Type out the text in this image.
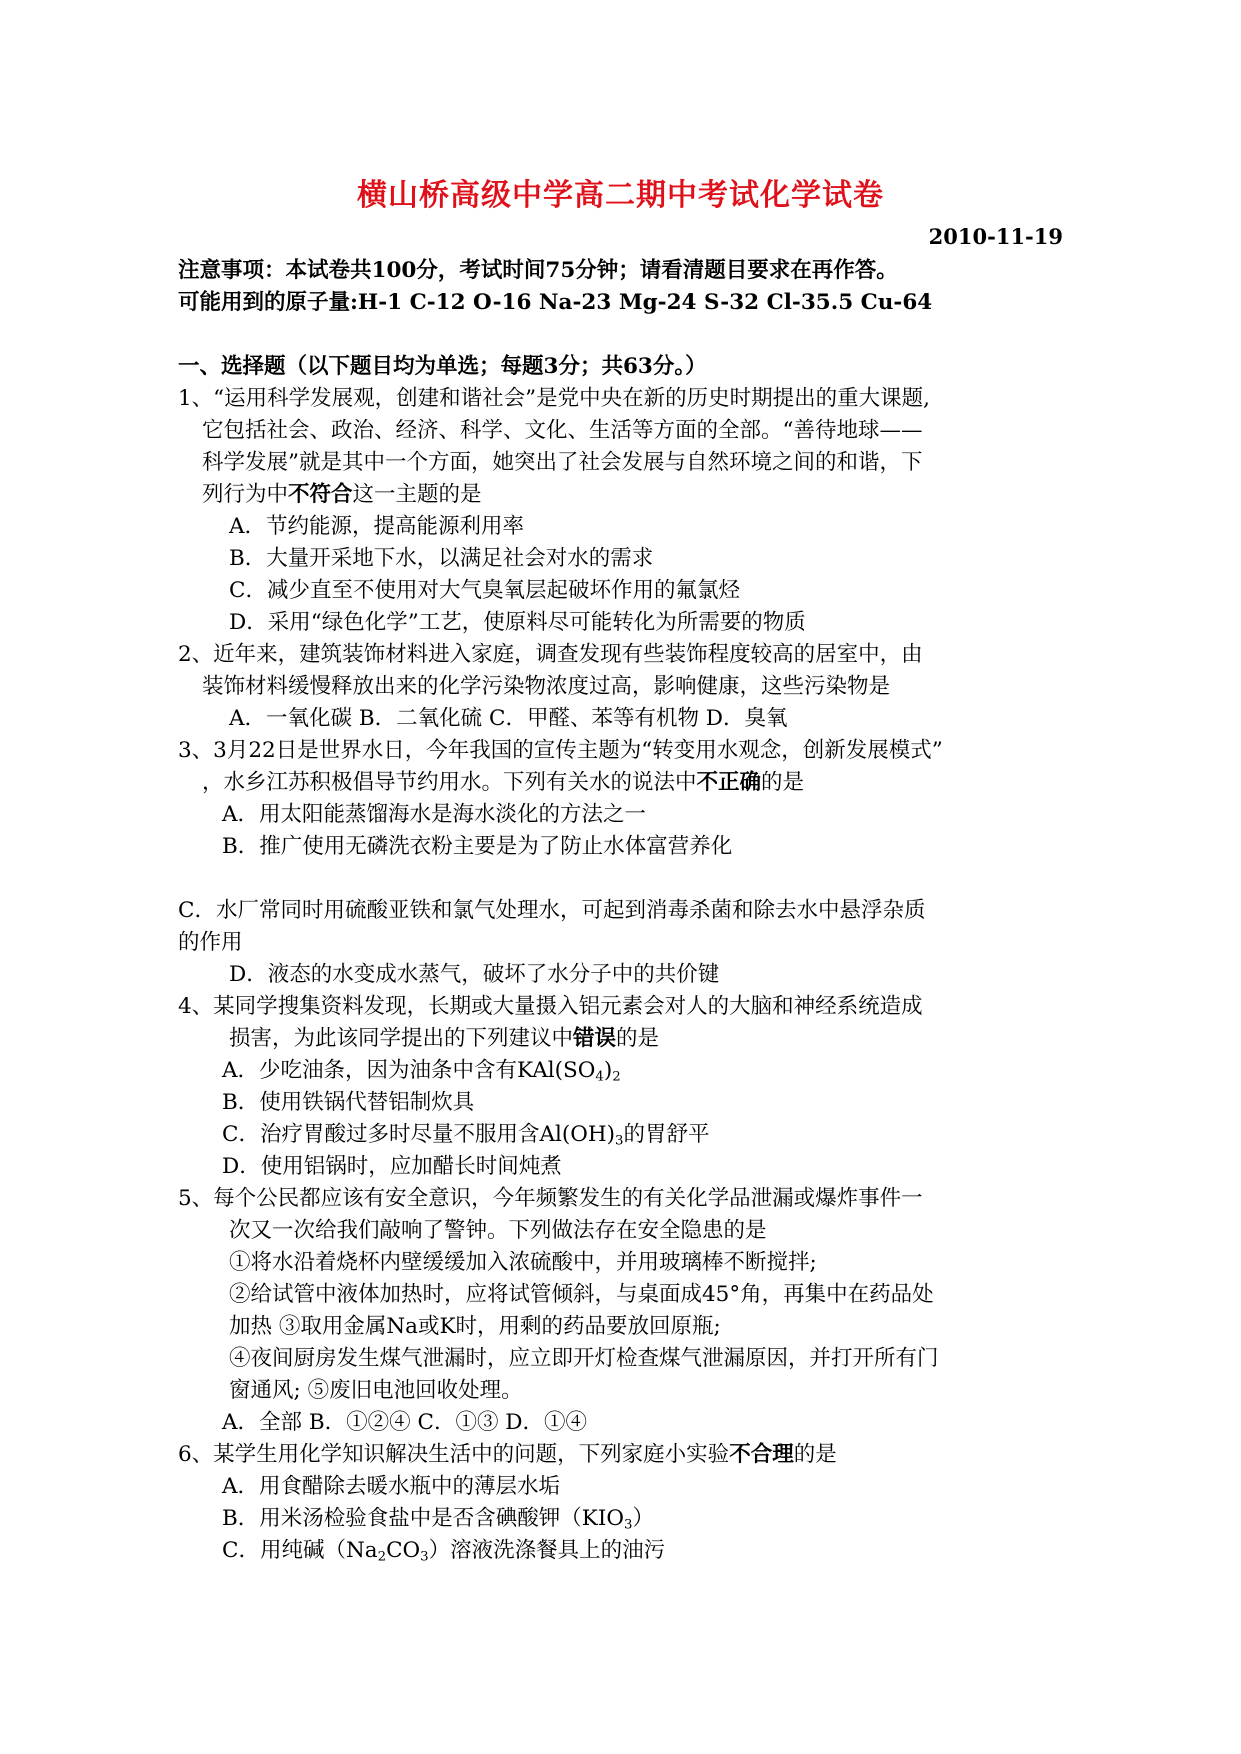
横山桥高级中学高二期中考试化学试卷
2010-11-19
注意事项：本试卷共100分，考试时间75分钟；请看清题目要求在再作答。
可能用到的原子量:H-1 C-12 O-16 Na-23 Mg-24 S-32 Cl-35.5 Cu-64
一、选择题（以下题目均为单选；每题3分；共63分。）
1、“运用科学发展观，创建和谐社会”是党中央在新的历史时期提出的重大课题,
它包括社会、政治、经济、科学、文化、生活等方面的全部。“善待地球——
科学发展”就是其中一个方面，她突出了社会发展与自然环境之间的和谐，下
列行为中不符合这一主题的是
A．节约能源，提高能源利用率
B．大量开采地下水，以满足社会对水的需求
C．减少直至不使用对大气臭氧层起破坏作用的氟氯烃
D．采用“绿色化学”工艺，使原料尽可能转化为所需要的物质
2、近年来，建筑装饰材料进入家庭，调查发现有些装饰程度较高的居室中，由
装饰材料缓慢释放出来的化学污染物浓度过高，影响健康，这些污染物是
A．一氧化碳 B．二氧化硫 C．甲醛、苯等有机物 D．臭氧
3、3月22日是世界水日，今年我国的宣传主题为“转变用水观念，创新发展模式”
，水乡江苏积极倡导节约用水。下列有关水的说法中不正确的是
A．用太阳能蒸馏海水是海水淡化的方法之一
B．推广使用无磷洗衣粉主要是为了防止水体富营养化
C．水厂常同时用硫酸亚铁和氯气处理水，可起到消毒杀菌和除去水中悬浮杂质
的作用
D．液态的水变成水蒸气，破坏了水分子中的共价键
4、某同学搜集资料发现，长期或大量摄入铝元素会对人的大脑和神经系统造成
损害，为此该同学提出的下列建议中错误的是
A．少吃油条，因为油条中含有$KAl(SO_4)_2$
B．使用铁锅代替铝制炊具
C．治疗胃酸过多时尽量不服用含$Al(OH)_3$的胃舒平
D．使用铝锅时，应加醋长时间炖煮
5、每个公民都应该有安全意识，今年频繁发生的有关化学品泄漏或爆炸事件一
次又一次给我们敲响了警钟。下列做法存在安全隐患的是
①将水沿着烧杯内壁缓缓加入浓硫酸中，并用玻璃棒不断搅拌;
②给试管中液体加热时，应将试管倾斜，与桌面成45°角，再集中在药品处
加热 ③取用金属Na或K时，用剩的药品要放回原瓶;
④夜间厨房发生煤气泄漏时，应立即开灯检查煤气泄漏原因，并打开所有门
窗通风; ⑤废旧电池回收处理。
A．全部 B．①②④ C．①③ D．①④
6、某学生用化学知识解决生活中的问题，下列家庭小实验不合理的是
A．用食醋除去暖水瓶中的薄层水垢
B．用米汤检验食盐中是否含碘酸钾$(KIO_3)$
C．用纯碱$(Na_2CO_3)$溶液洗涤餐具上的油污
